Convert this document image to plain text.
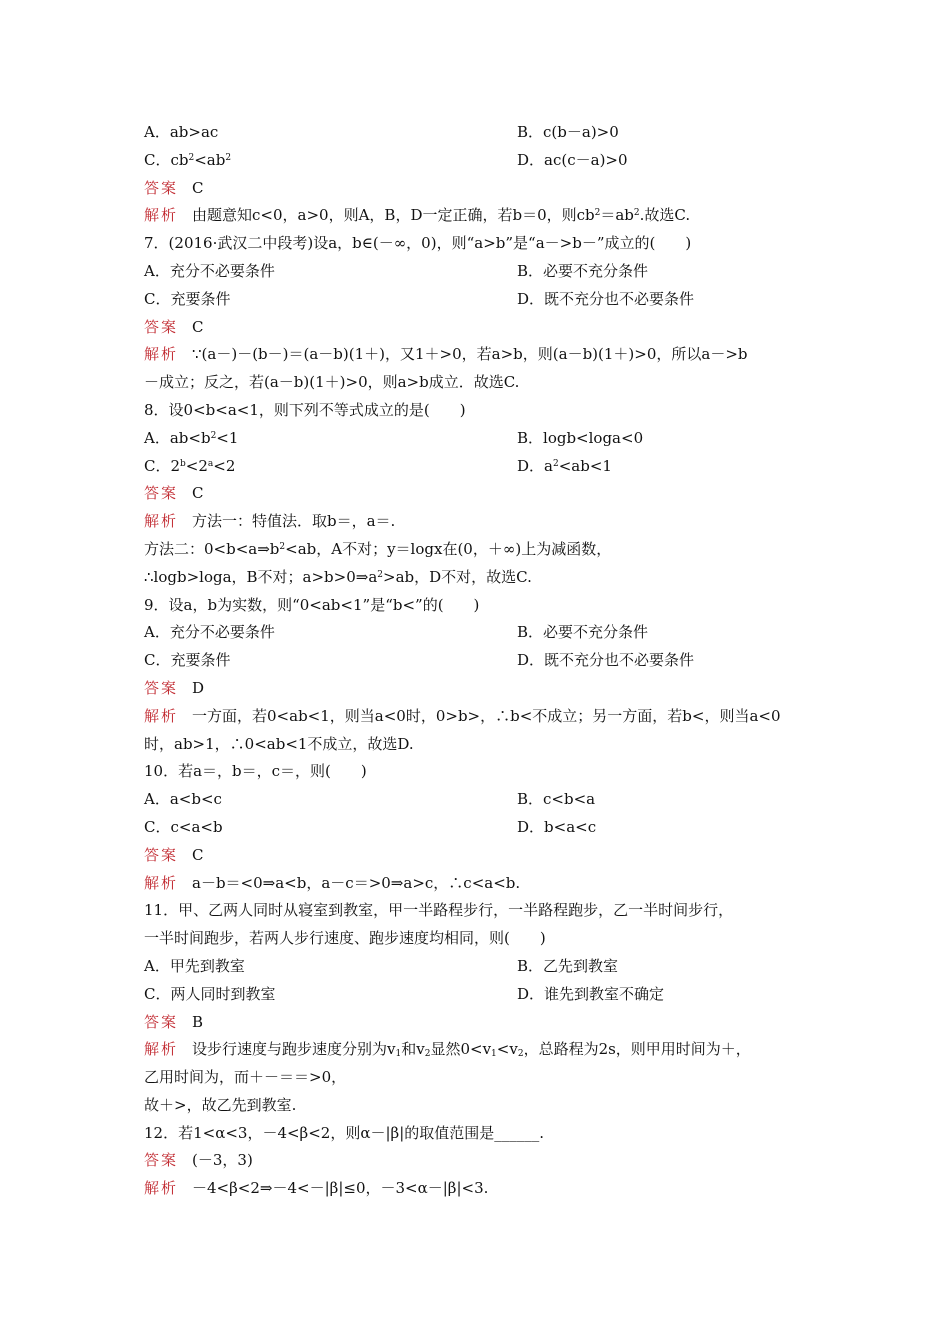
A．ab>ac	B．c(b－a)>0
C．$cb^2<ab^2$	D．ac(c－a)>0
答案 C
解析 由题意知c<0，a>0，则A，B，D一定正确，若b＝0，则$cb^2=ab^2$.故选C.
7．(2016·武汉二中段考)设a，b∈(－∞，0)，则“a>b”是“a－>b－”成立的(　　)
A．充分不必要条件	B．必要不充分条件
C．充要条件	D．既不充分也不必要条件
答案 C
解析 ∵(a－)－(b－)＝(a－b)(1＋)，又1＋>0，若a>b，则(a－b)(1＋)>0，所以a－>b
－成立；反之，若(a－b)(1＋)>0，则a>b成立．故选C.
8．设0<b<a<1，则下列不等式成立的是(　　)
A．$ab<b^2<1$	B．logb<loga<0
C．$2^b<2^a<2$	D．$a^2<ab<1$
答案 C
解析 方法一：特值法．取b＝，a＝.
方法二：$0<b<a\Rightarrow b^2<ab$，A不对；y＝logx在(0，＋∞)上为减函数，
∴logb>loga，B不对；$a>b>0\Rightarrow a^2>ab$，D不对，故选C.
9．设a，b为实数，则“0<ab<1”是“b<”的(　　)
A．充分不必要条件	B．必要不充分条件
C．充要条件	D．既不充分也不必要条件
答案 D
解析 一方面，若0<ab<1，则当a<0时，0>b>，∴b<不成立；另一方面，若b<，则当a<0
时，ab>1，∴0<ab<1不成立，故选D.
10．若a＝，b＝，c＝，则(　　)
A．a<b<c	B．c<b<a
C．c<a<b	D．b<a<c
答案 C
解析 a－b＝<0⇒a<b，a－c＝>0⇒a>c，∴c<a<b.
11．甲、乙两人同时从寝室到教室，甲一半路程步行，一半路程跑步，乙一半时间步行，
一半时间跑步，若两人步行速度、跑步速度均相同，则(　　)
A．甲先到教室	B．乙先到教室
C．两人同时到教室	D．谁先到教室不确定
答案 B
解析 设步行速度与跑步速度分别为$v_1$和$v_2$显然$0<v_1<v_2$，总路程为2s，则甲用时间为＋，
乙用时间为，而＋－＝＝>0，
故＋>，故乙先到教室.
12．若1<α<3，－4<β<2，则α－|β|的取值范围是______.
答案 (－3，3)
解析 －4<β<2⇒－4<－|β|≤0，－3<α－|β|<3.
